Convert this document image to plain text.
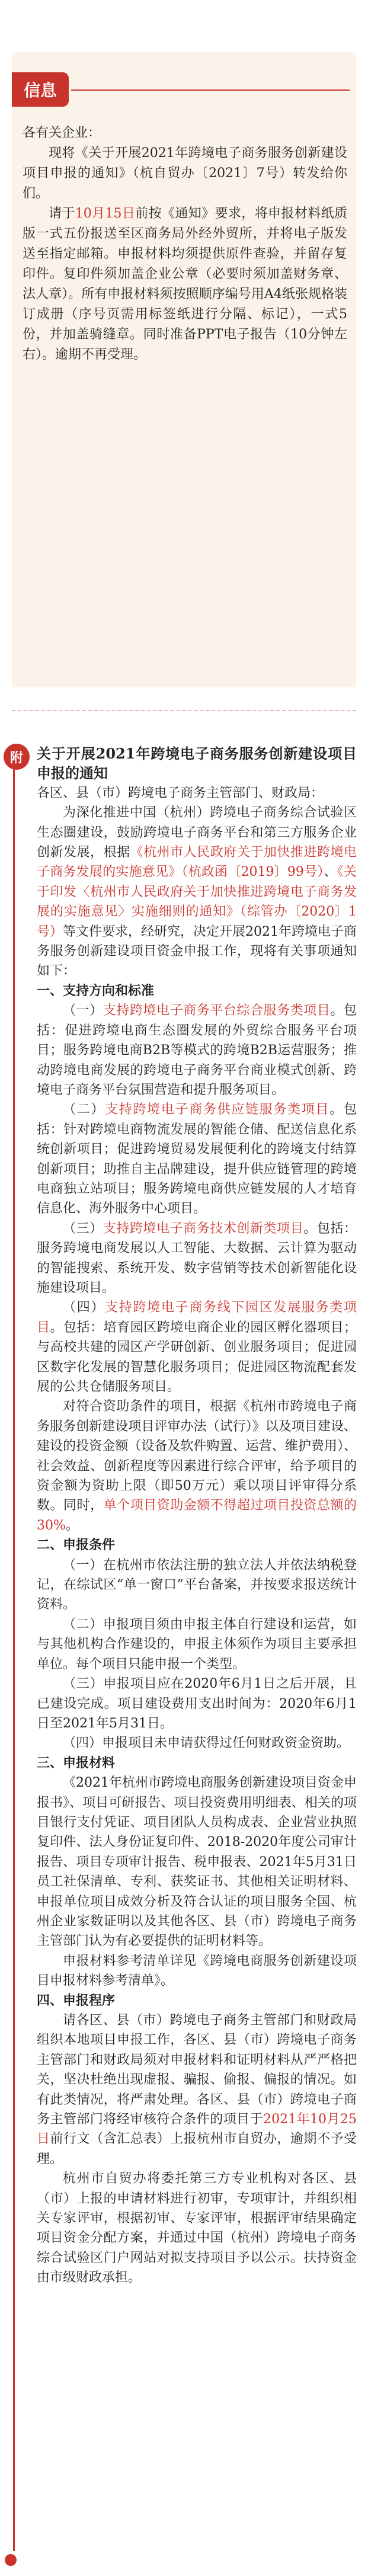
信息

各有关企业：

现将《关于开展2021年跨境电子商务服务创新建设项目申报的通知》（杭自贸办〔2021〕7号）转发给你们。

请于10月15日前按《通知》要求，将申报材料纸质版一式五份报送至区商务局外经外贸所，并将电子版发送至指定邮箱。申报材料均须提供原件查验，并留存复印件。复印件须加盖企业公章（必要时须加盖财务章、法人章）。所有申报材料须按照顺序编号用A4纸张规格装订成册（序号页需用标签纸进行分隔、标记），一式5份，并加盖骑缝章。同时准备PPT电子报告（10分钟左右）。逾期不再受理。

附 关于开展2021年跨境电子商务服务创新建设项目申报的通知

各区、县（市）跨境电子商务主管部门、财政局：

为深化推进中国（杭州）跨境电子商务综合试验区生态圈建设，鼓励跨境电子商务平台和第三方服务企业创新发展，根据《杭州市人民政府关于加快推进跨境电子商务发展的实施意见》（杭政函〔2019〕99号）、《关于印发〈杭州市人民政府关于加快推进跨境电子商务发展的实施意见〉实施细则的通知》（综管办〔2020〕1号）等文件要求，经研究，决定开展2021年跨境电子商务服务创新建设项目资金申报工作，现将有关事项通知如下：

一、支持方向和标准

（一）支持跨境电子商务平台综合服务类项目。包括：促进跨境电商生态圈发展的外贸综合服务平台项目；服务跨境电商B2B等模式的跨境B2B运营服务；推动跨境电商发展的跨境电子商务平台商业模式创新、跨境电子商务平台氛围营造和提升服务项目。

（二）支持跨境电子商务供应链服务类项目。包括：针对跨境电商物流发展的智能仓储、配送信息化系统创新项目；促进跨境贸易发展便利化的跨境支付结算创新项目；助推自主品牌建设，提升供应链管理的跨境电商独立站项目；服务跨境电商供应链发展的人才培育信息化、海外服务中心项目。

（三）支持跨境电子商务技术创新类项目。包括：服务跨境电商发展以人工智能、大数据、云计算为驱动的智能搜索、系统开发、数字营销等技术创新智能化设施建设项目。

（四）支持跨境电子商务线下园区发展服务类项目。包括：培育园区跨境电商企业的园区孵化器项目；与高校共建的园区产学研创新、创业服务项目；促进园区数字化发展的智慧化服务项目；促进园区物流配套发展的公共仓储服务项目。

对符合资助条件的项目，根据《杭州市跨境电子商务服务创新建设项目评审办法（试行）》以及项目建设、建设的投资金额（设备及软件购置、运营、维护费用）、社会效益、创新程度等因素进行综合评审，给予项目的资金额为资助上限（即50万元）乘以项目评审得分系数。同时，单个项目资助金额不得超过项目投资总额的30%。

二、申报条件

（一）在杭州市依法注册的独立法人并依法纳税登记，在综试区“单一窗口”平台备案，并按要求报送统计资料。

（二）申报项目须由申报主体自行建设和运营，如与其他机构合作建设的，申报主体须作为项目主要承担单位。每个项目只能申报一个类型。

（三）申报项目应在2020年6月1日之后开展，且已建设完成。项目建设费用支出时间为：2020年6月1日至2021年5月31日。

（四）申报项目未申请获得过任何财政资金资助。

三、申报材料

《2021年杭州市跨境电商服务创新建设项目资金申报书》、项目可研报告、项目投资费用明细表、相关的项目银行支付凭证、项目团队人员构成表、企业营业执照复印件、法人身份证复印件、2018-2020年度公司审计报告、项目专项审计报告、税申报表、2021年5月31日员工社保清单、专利、获奖证书、其他相关证明材料、申报单位项目成效分析及符合认证的项目服务全国、杭州企业家数证明以及其他各区、县（市）跨境电子商务主管部门认为有必要提供的证明材料等。

申报材料参考清单详见《跨境电商服务创新建设项目申报材料参考清单》。

四、申报程序

请各区、县（市）跨境电子商务主管部门和财政局组织本地项目申报工作，各区、县（市）跨境电子商务主管部门和财政局须对申报材料和证明材料从严严格把关，坚决杜绝出现虚报、骗报、偷报、偏报的情况。如有此类情况，将严肃处理。各区、县（市）跨境电子商务主管部门将经审核符合条件的项目于2021年10月25日前行文（含汇总表）上报杭州市自贸办，逾期不予受理。

杭州市自贸办将委托第三方专业机构对各区、县（市）上报的申请材料进行初审，专项审计，并组织相关专家评审，根据初审、专家评审，根据评审结果确定项目资金分配方案，并通过中国（杭州）跨境电子商务综合试验区门户网站对拟支持项目予以公示。扶持资金由市级财政承担。
